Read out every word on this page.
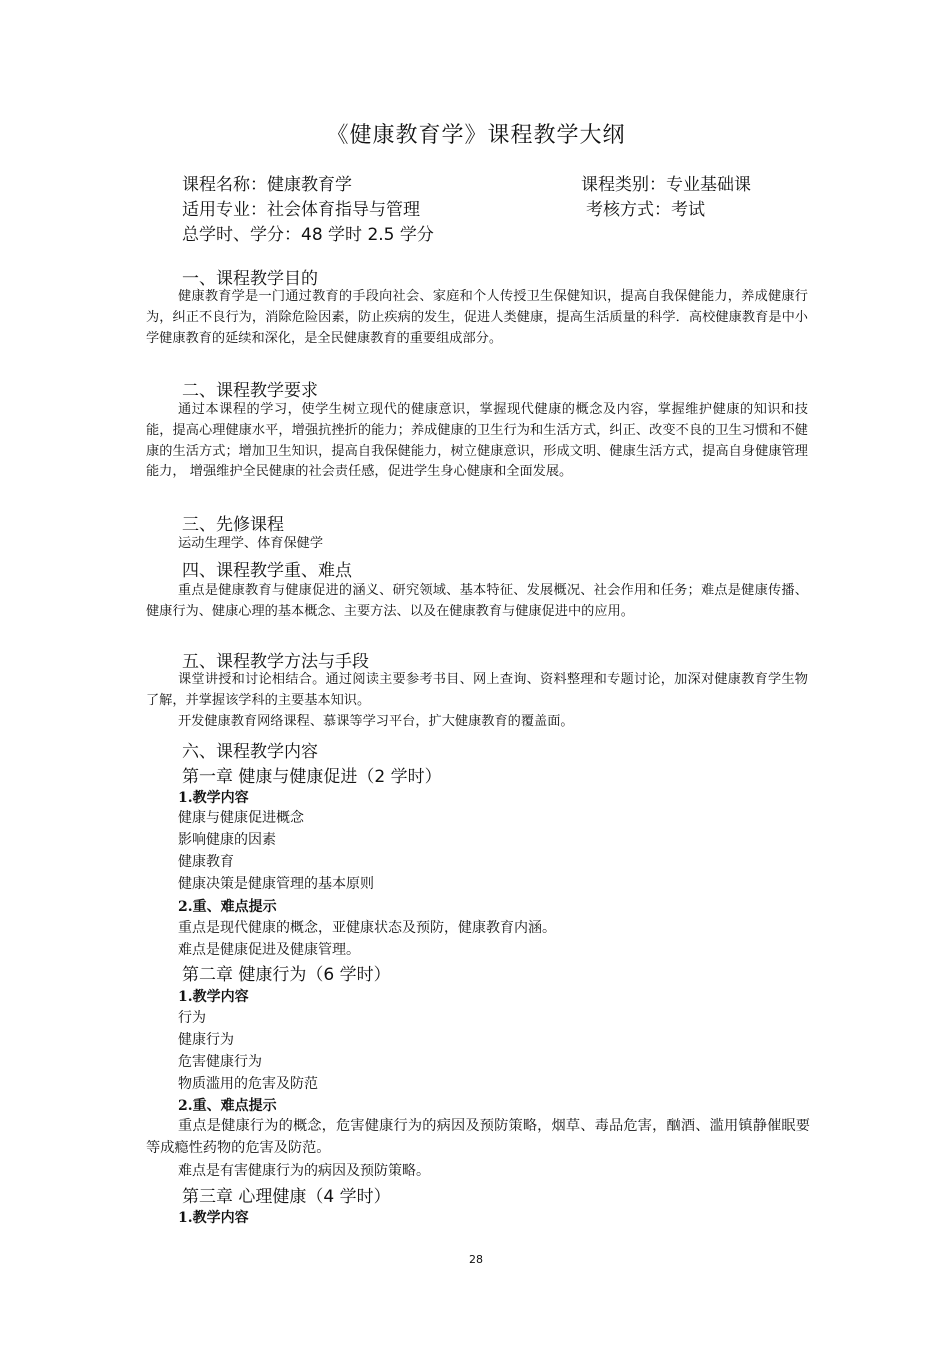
《健康教育学》课程教学大纲
课程名称：健康教育学	课程类别：专业基础课
适用专业：社会体育指导与管理	考核方式：考试
总学时、学分：48 学时 2.5 学分
一、课程教学目的
健康教育学是一门通过教育的手段向社会、家庭和个人传授卫生保健知识，提高自我保健能力，养成健康行为，纠正不良行为，消除危险因素，防止疾病的发生，促进人类健康，提高生活质量的科学．高校健康教育是中小学健康教育的延续和深化，是全民健康教育的重要组成部分。
二、课程教学要求
通过本课程的学习，使学生树立现代的健康意识，掌握现代健康的概念及内容，掌握维护健康的知识和技能，提高心理健康水平，增强抗挫折的能力；养成健康的卫生行为和生活方式，纠正、改变不良的卫生习惯和不健康的生活方式；增加卫生知识，提高自我保健能力，树立健康意识，形成文明、健康生活方式，提高自身健康管理能力， 增强维护全民健康的社会责任感，促进学生身心健康和全面发展。
三、先修课程
运动生理学、体育保健学
四、课程教学重、难点
重点是健康教育与健康促进的涵义、研究领域、基本特征、发展概况、社会作用和任务；难点是健康传播、健康行为、健康心理的基本概念、主要方法、以及在健康教育与健康促进中的应用。
五、课程教学方法与手段
课堂讲授和讨论相结合。通过阅读主要参考书目、网上查询、资料整理和专题讨论，加深对健康教育学生物了解，并掌握该学科的主要基本知识。
开发健康教育网络课程、慕课等学习平台，扩大健康教育的覆盖面。
六、课程教学内容
第一章 健康与健康促进（2 学时）
1.教学内容
健康与健康促进概念
影响健康的因素
健康教育
健康决策是健康管理的基本原则
2.重、难点提示
重点是现代健康的概念，亚健康状态及预防，健康教育内涵。
难点是健康促进及健康管理。
第二章 健康行为（6 学时）
1.教学内容
行为
健康行为
危害健康行为
物质滥用的危害及防范
2.重、难点提示
重点是健康行为的概念，危害健康行为的病因及预防策略，烟草、毒品危害，酗酒、滥用镇静催眠要等成瘾性药物的危害及防范。
难点是有害健康行为的病因及预防策略。
第三章 心理健康（4 学时）
1.教学内容
28
